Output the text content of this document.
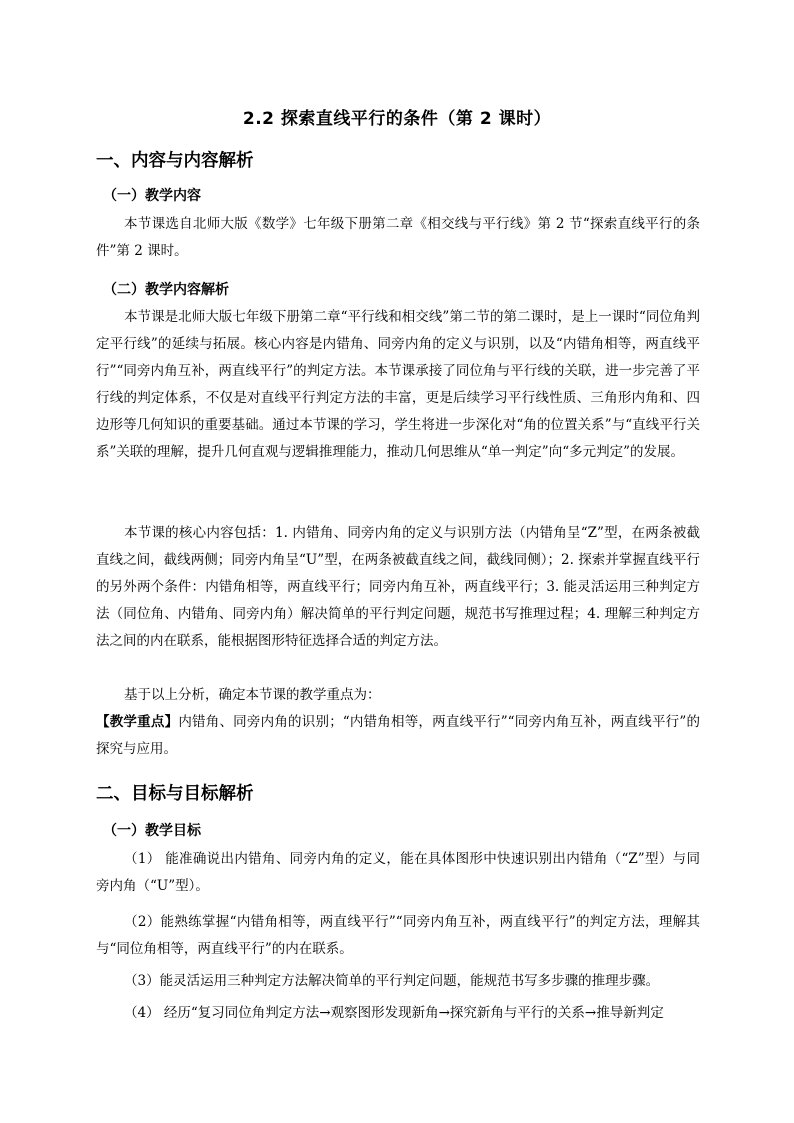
2.2 探索直线平行的条件（第 2 课时）
一、内容与内容解析
（一）教学内容
本节课选自北师大版《数学》七年级下册第二章《相交线与平行线》第 2 节“探索直线平行的条件”第 2 课时。
（二）教学内容解析
本节课是北师大版七年级下册第二章“平行线和相交线”第二节的第二课时，是上一课时“同位角判定平行线”的延续与拓展。核心内容是内错角、同旁内角的定义与识别，以及“内错角相等，两直线平行”“同旁内角互补，两直线平行”的判定方法。本节课承接了同位角与平行线的关联，进一步完善了平行线的判定体系，不仅是对直线平行判定方法的丰富，更是后续学习平行线性质、三角形内角和、四边形等几何知识的重要基础。通过本节课的学习，学生将进一步深化对“角的位置关系”与“直线平行关系”关联的理解，提升几何直观与逻辑推理能力，推动几何思维从“单一判定”向“多元判定”的发展。
本节课的核心内容包括：1. 内错角、同旁内角的定义与识别方法（内错角呈“Z”型，在两条被截直线之间，截线两侧；同旁内角呈“U”型，在两条被截直线之间，截线同侧）；2. 探索并掌握直线平行的另外两个条件：内错角相等，两直线平行；同旁内角互补，两直线平行；3. 能灵活运用三种判定方法（同位角、内错角、同旁内角）解决简单的平行判定问题，规范书写推理过程；4. 理解三种判定方法之间的内在联系，能根据图形特征选择合适的判定方法。
基于以上分析，确定本节课的教学重点为：
【教学重点】内错角、同旁内角的识别；“内错角相等，两直线平行”“同旁内角互补，两直线平行”的探究与应用。
二、目标与目标解析
（一）教学目标
（1） 能准确说出内错角、同旁内角的定义，能在具体图形中快速识别出内错角（“Z”型）与同旁内角（“U”型）。
（2）能熟练掌握“内错角相等，两直线平行”“同旁内角互补，两直线平行”的判定方法，理解其与“同位角相等，两直线平行”的内在联系。
（3）能灵活运用三种判定方法解决简单的平行判定问题，能规范书写多步骤的推理步骤。
（4） 经历“复习同位角判定方法→观察图形发现新角→探究新角与平行的关系→推导新判定
